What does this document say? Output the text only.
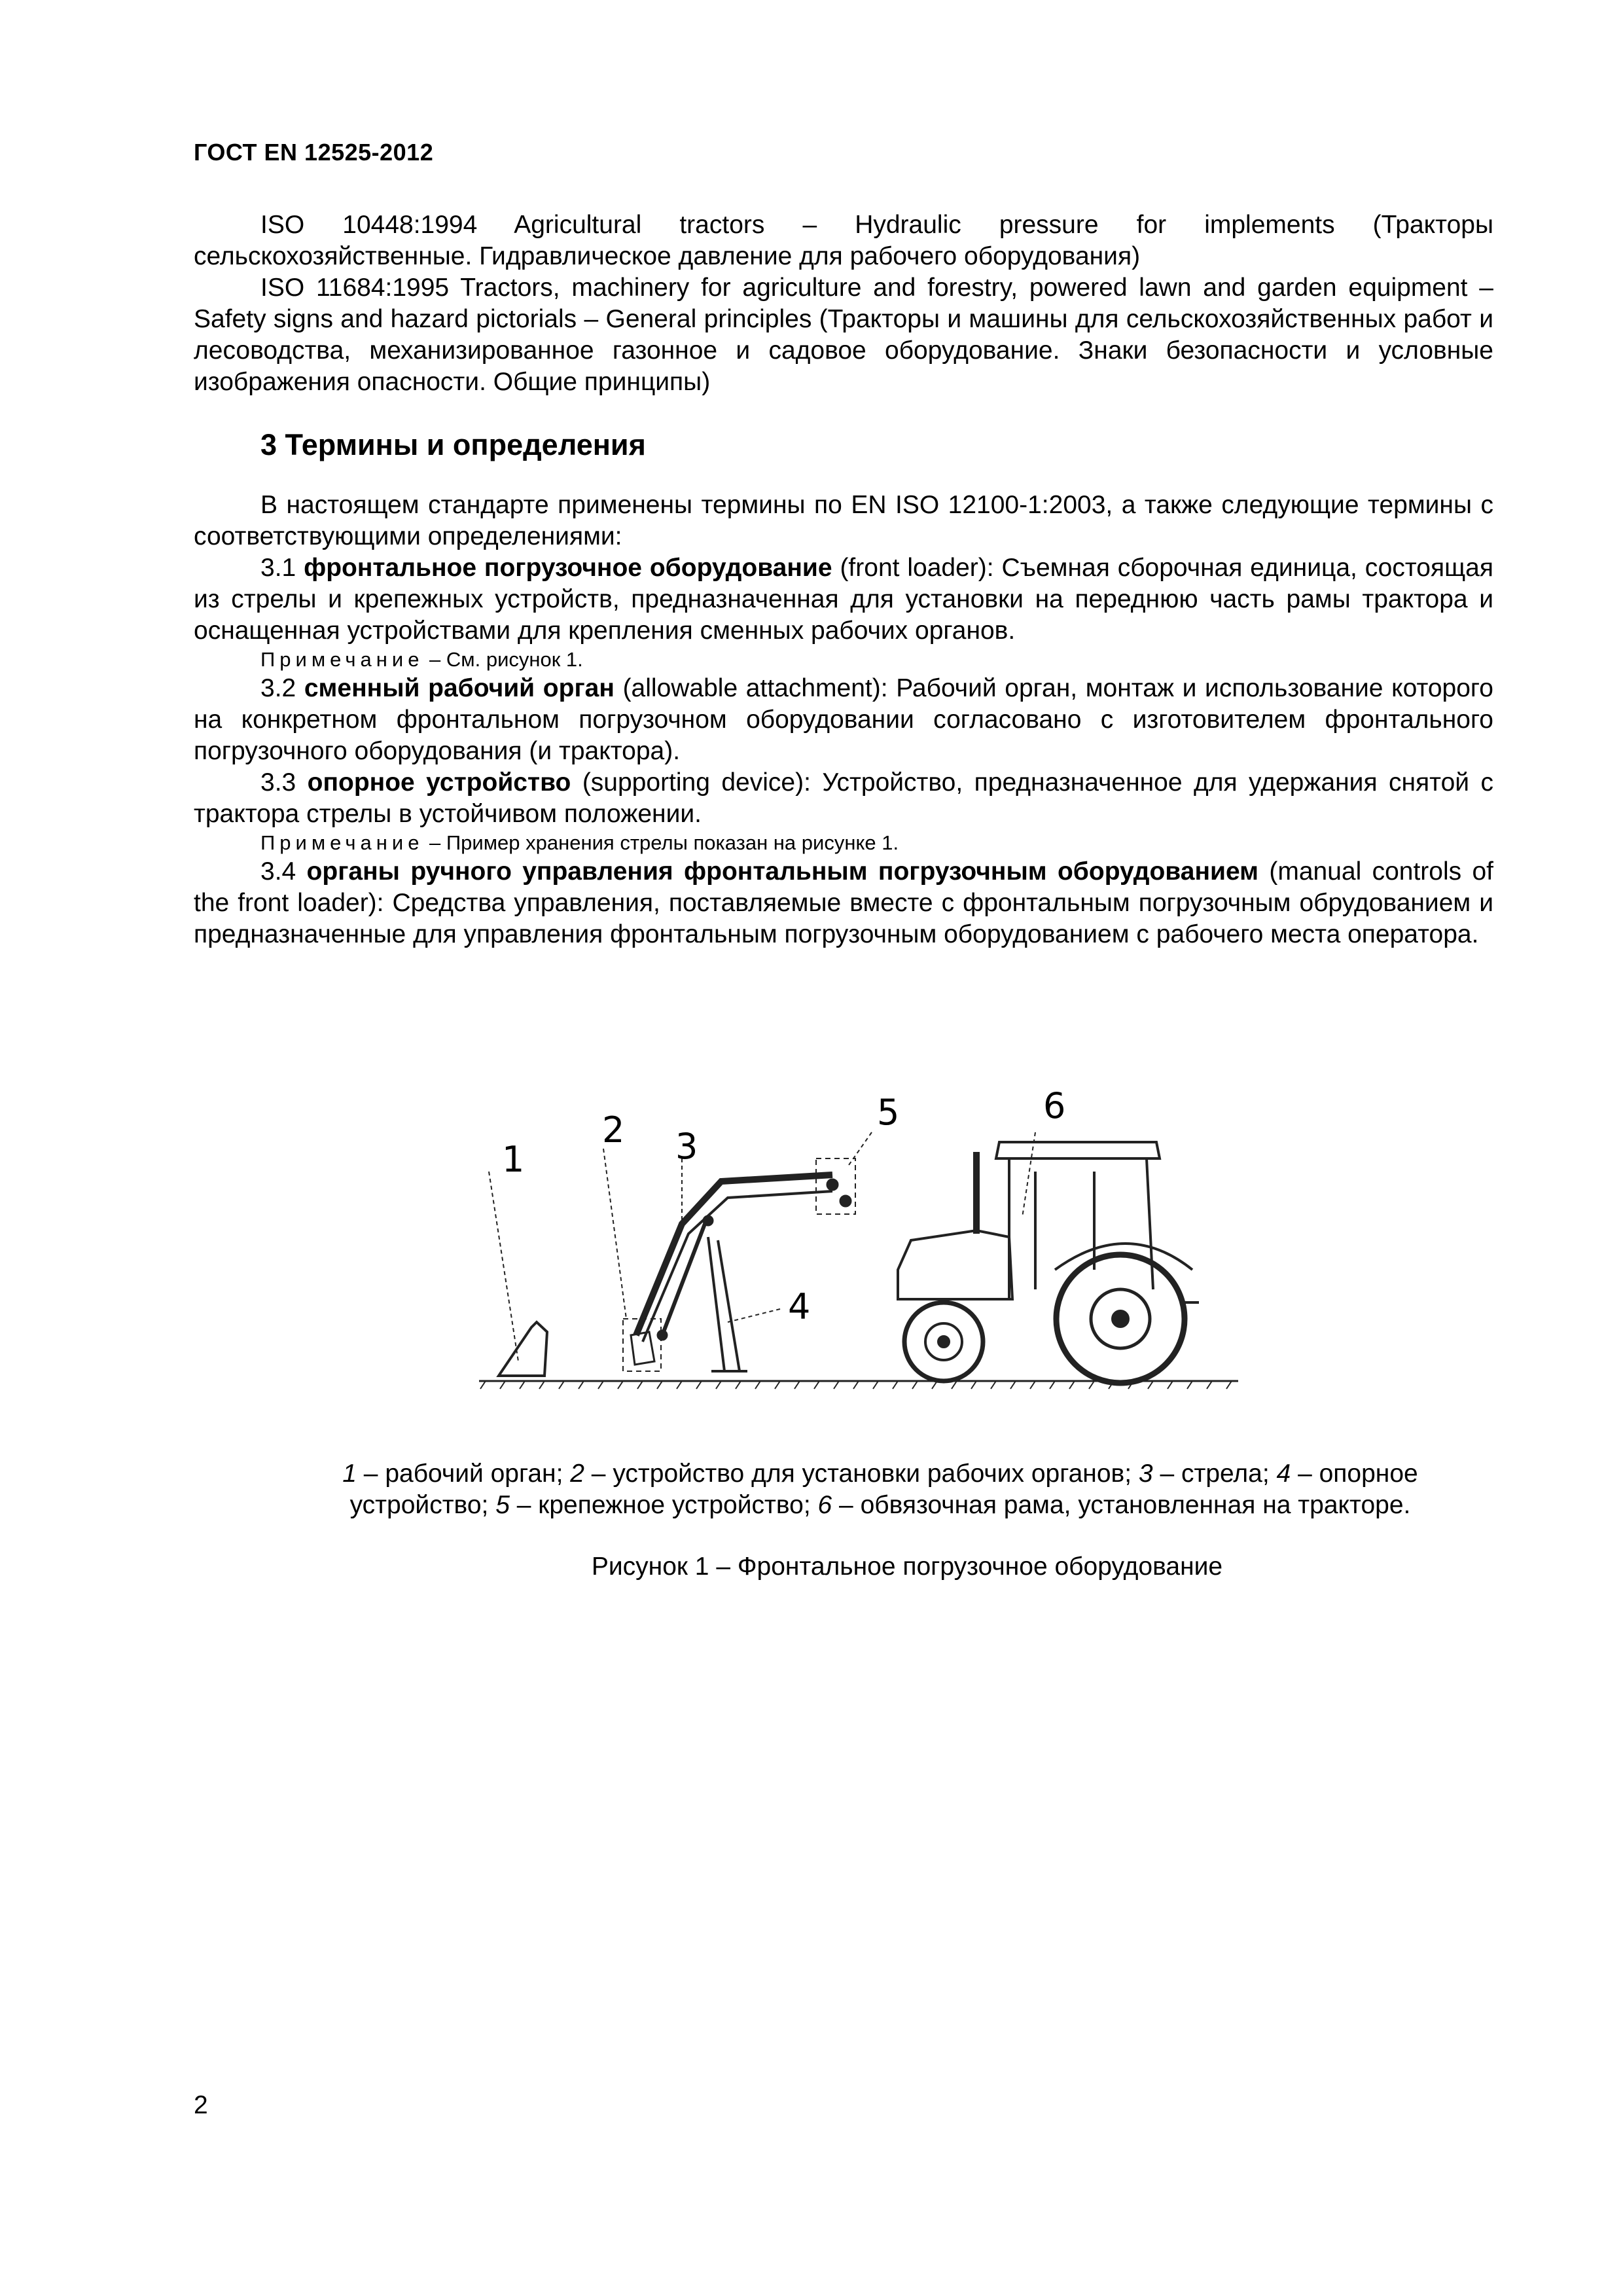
ГОСТ EN 12525-2012

ISO 10448:1994 Agricultural tractors – Hydraulic pressure for implements (Тракторы сельскохозяйственные. Гидравлическое давление для рабочего оборудования)

ISO 11684:1995 Tractors, machinery for agriculture and forestry, powered lawn and garden equipment – Safety signs and hazard pictorials – General principles (Тракторы и машины для сельскохозяйственных работ и лесоводства, механизированное газонное и садовое оборудование. Знаки безопасности и условные изображения опасности. Общие принципы)

3 Термины и определения

В настоящем стандарте применены термины по EN ISO 12100-1:2003, а также следующие термины с соответствующими определениями:

3.1 фронтальное погрузочное оборудование (front loader): Съемная сборочная единица, состоящая из стрелы и крепежных устройств, предназначенная для установки на переднюю часть рамы трактора и оснащенная устройствами для крепления сменных рабочих органов.

Примечание – См. рисунок 1.

3.2 сменный рабочий орган (allowable attachment): Рабочий орган, монтаж и использование которого на конкретном фронтальном погрузочном оборудовании согласовано с изготовителем фронтального погрузочного оборудования (и трактора).

3.3 опорное устройство (supporting device): Устройство, предназначенное для удержания снятой с трактора стрелы в устойчивом положении.

Примечание – Пример хранения стрелы показан на рисунке 1.

3.4 органы ручного управления фронтальным погрузочным оборудованием (manual controls of the front loader): Средства управления, поставляемые вместе с фронтальным погрузочным обрудованием и предназначенные для управления фронтальным погрузочным оборудованием с рабочего места оператора.

1
2 3
4
5	6
1 – рабочий орган; 2 – устройство для установки рабочих органов; 3 – стрела; 4 – опорное устройство; 5 – крепежное устройство; 6 – обвязочная рама, установленная на тракторе.
Рисунок 1 – Фронтальное погрузочное оборудование
2
